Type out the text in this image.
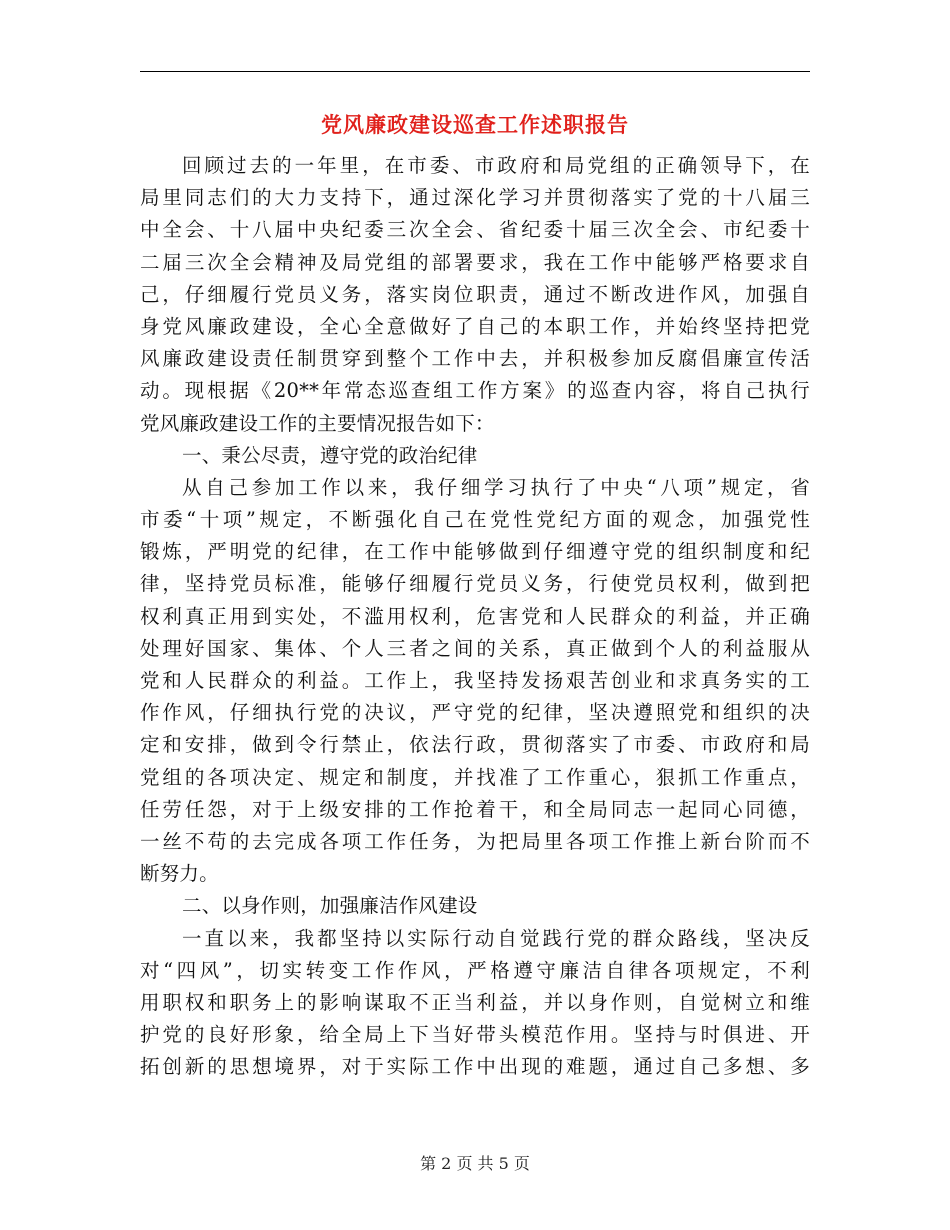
党风廉政建设巡查工作述职报告
回顾过去的一年里，在市委、市政府和局党组的正确领导下，在
局里同志们的大力支持下，通过深化学习并贯彻落实了党的十八届三
中全会、十八届中央纪委三次全会、省纪委十届三次全会、市纪委十
二届三次全会精神及局党组的部署要求，我在工作中能够严格要求自
己，仔细履行党员义务，落实岗位职责，通过不断改进作风，加强自
身党风廉政建设，全心全意做好了自己的本职工作，并始终坚持把党
风廉政建设责任制贯穿到整个工作中去，并积极参加反腐倡廉宣传活
动。现根据《20**年常态巡查组工作方案》的巡查内容，将自己执行
党风廉政建设工作的主要情况报告如下：
一、秉公尽责，遵守党的政治纪律
从自己参加工作以来，我仔细学习执行了中央“八项”规定，省
市委“十项”规定，不断强化自己在党性党纪方面的观念，加强党性
锻炼，严明党的纪律，在工作中能够做到仔细遵守党的组织制度和纪
律，坚持党员标准，能够仔细履行党员义务，行使党员权利，做到把
权利真正用到实处，不滥用权利，危害党和人民群众的利益，并正确
处理好国家、集体、个人三者之间的关系，真正做到个人的利益服从
党和人民群众的利益。工作上，我坚持发扬艰苦创业和求真务实的工
作作风，仔细执行党的决议，严守党的纪律，坚决遵照党和组织的决
定和安排，做到令行禁止，依法行政，贯彻落实了市委、市政府和局
党组的各项决定、规定和制度，并找准了工作重心，狠抓工作重点，
任劳任怨，对于上级安排的工作抢着干，和全局同志一起同心同德，
一丝不苟的去完成各项工作任务，为把局里各项工作推上新台阶而不
断努力。
二、以身作则，加强廉洁作风建设
一直以来，我都坚持以实际行动自觉践行党的群众路线，坚决反
对“四风”，切实转变工作作风，严格遵守廉洁自律各项规定，不利
用职权和职务上的影响谋取不正当利益，并以身作则，自觉树立和维
护党的良好形象，给全局上下当好带头模范作用。坚持与时俱进、开
拓创新的思想境界，对于实际工作中出现的难题，通过自己多想、多
第 2 页 共 5 页
